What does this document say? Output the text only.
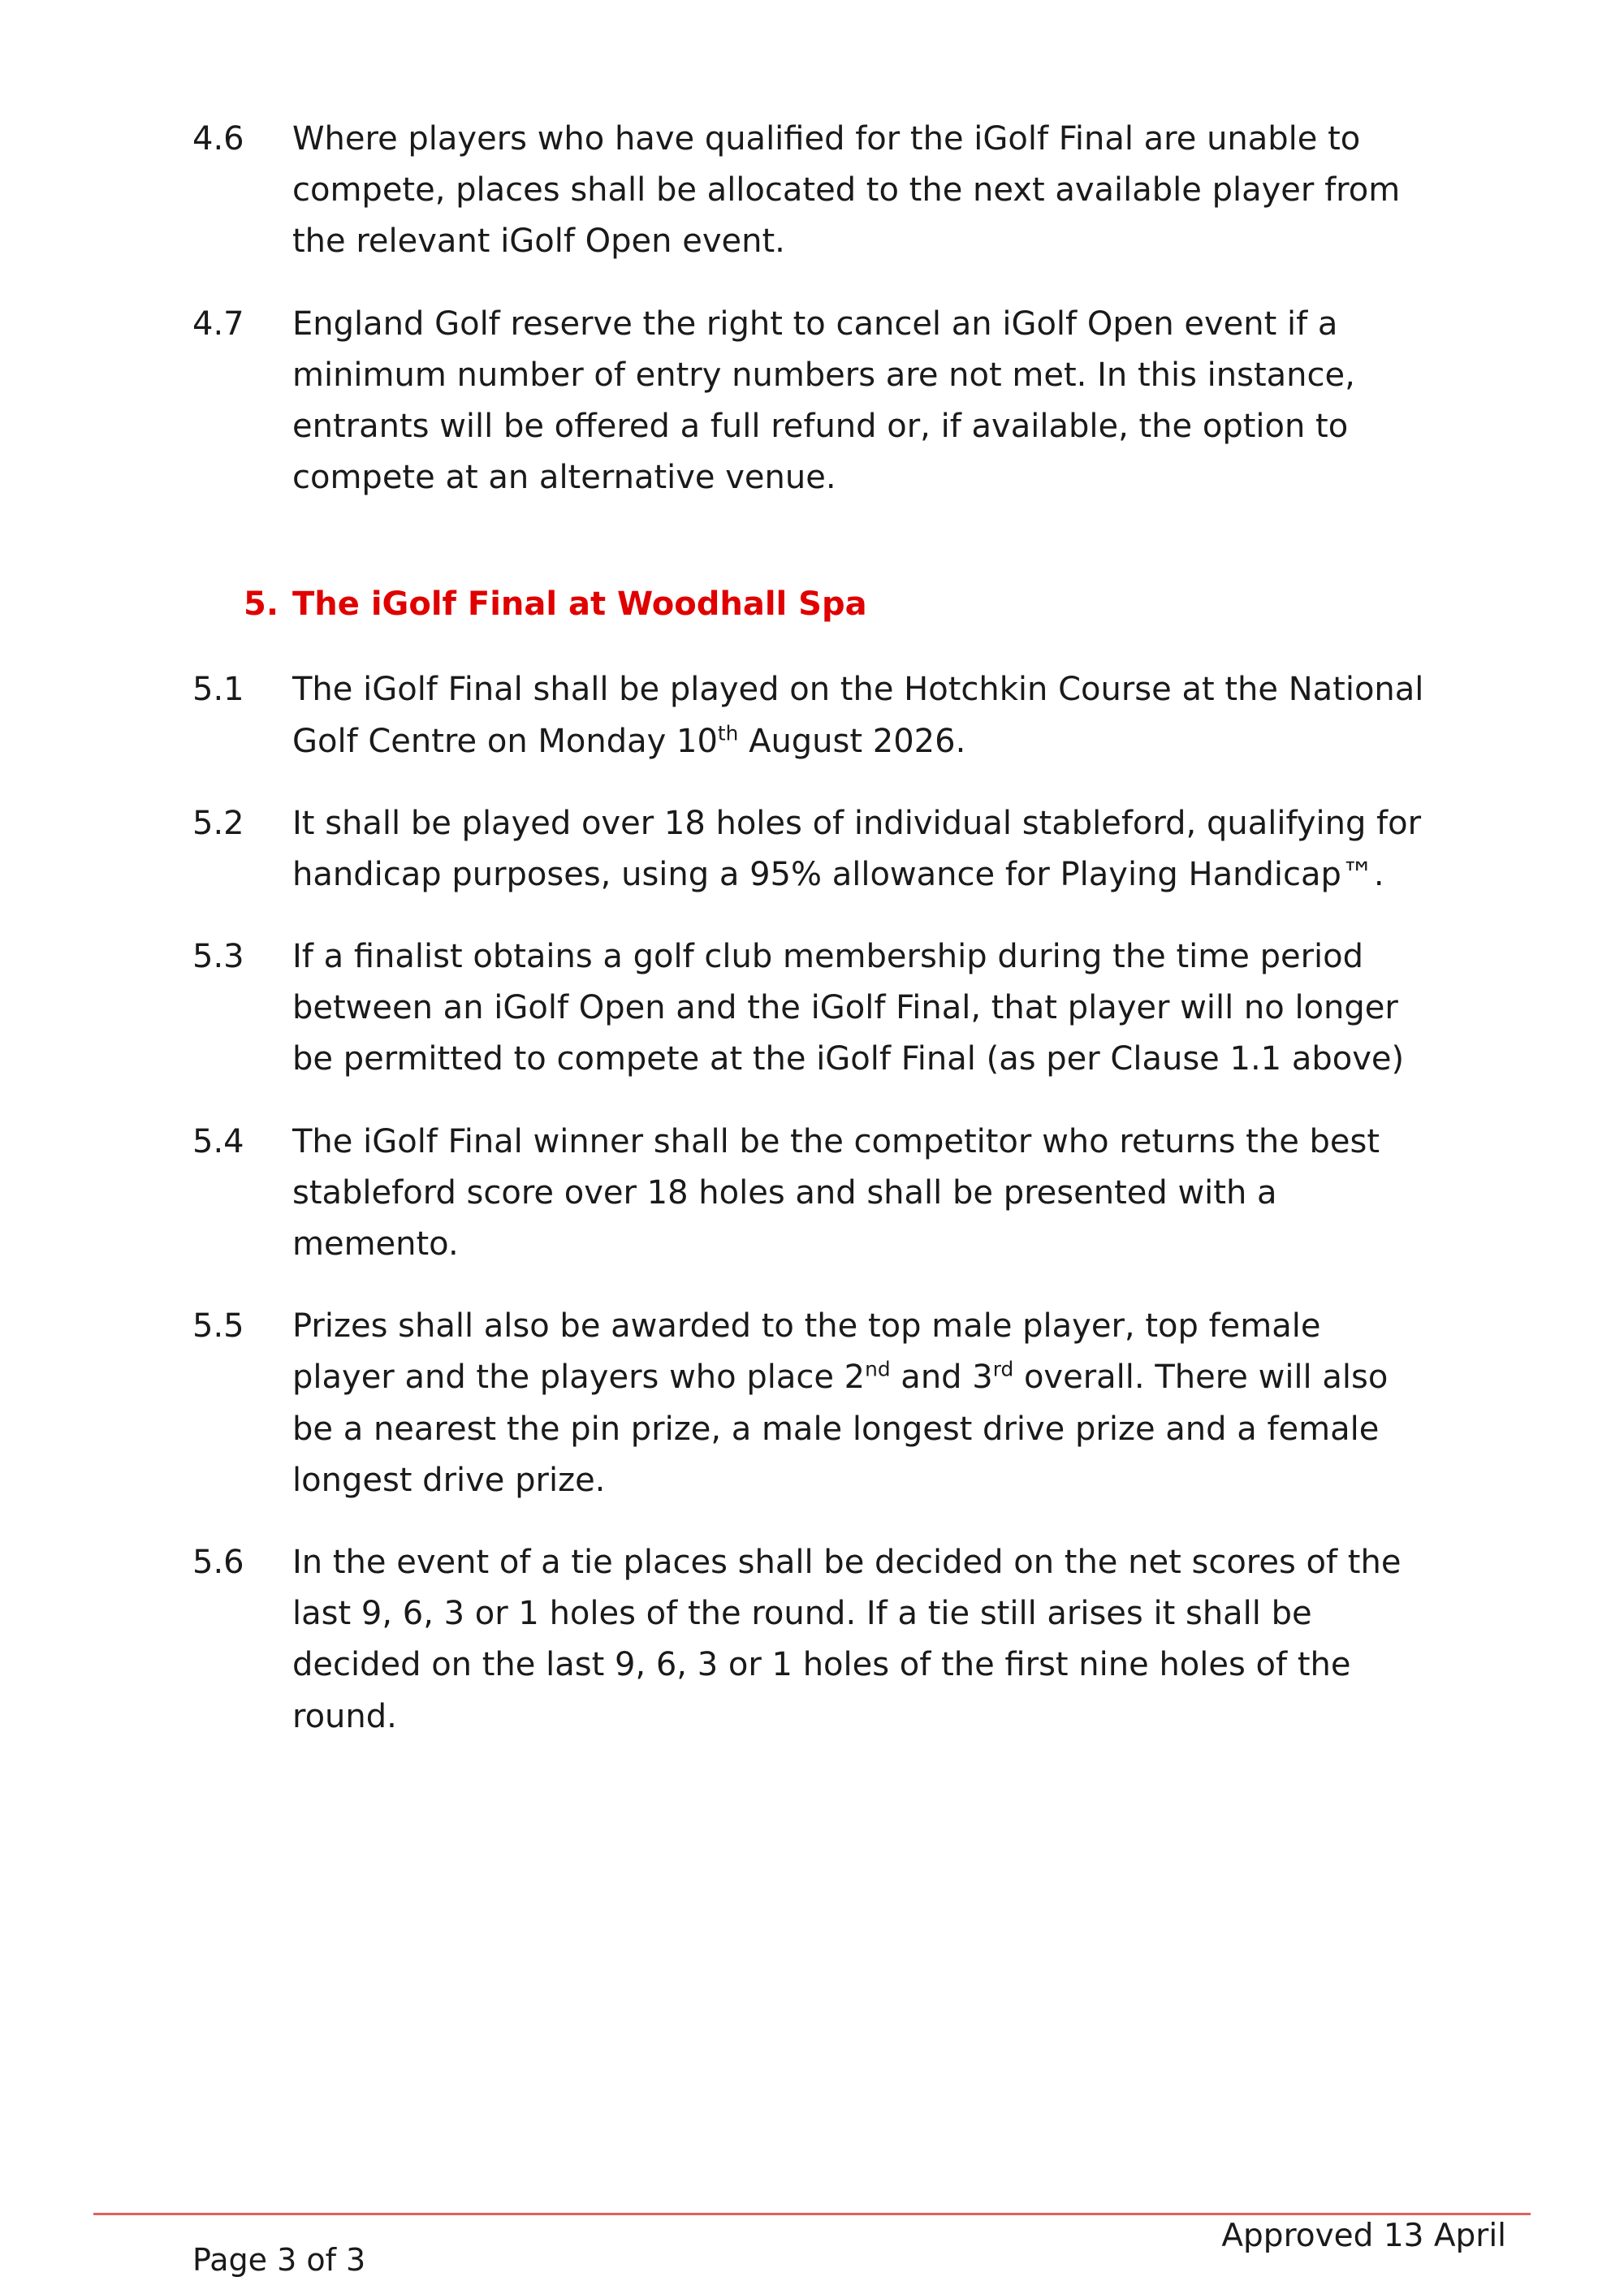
4.6	Where players who have qualified for the iGolf Final are unable to compete, places shall be allocated to the next available player from the relevant iGolf Open event.
4.7	England Golf reserve the right to cancel an iGolf Open event if a minimum number of entry numbers are not met. In this instance, entrants will be offered a full refund or, if available, the option to compete at an alternative venue.
5. The iGolf Final at Woodhall Spa
5.1	The iGolf Final shall be played on the Hotchkin Course at the National Golf Centre on Monday 10th August 2026.
5.2	It shall be played over 18 holes of individual stableford, qualifying for handicap purposes, using a 95% allowance for Playing Handicap™.
5.3	If a finalist obtains a golf club membership during the time period between an iGolf Open and the iGolf Final, that player will no longer be permitted to compete at the iGolf Final (as per Clause 1.1 above)
5.4	The iGolf Final winner shall be the competitor who returns the best stableford score over 18 holes and shall be presented with a memento.
5.5	Prizes shall also be awarded to the top male player, top female player and the players who place 2nd and 3rd overall. There will also be a nearest the pin prize, a male longest drive prize and a female longest drive prize.
5.6	In the event of a tie places shall be decided on the net scores of the last 9, 6, 3 or 1 holes of the round. If a tie still arises it shall be decided on the last 9, 6, 3 or 1 holes of the first nine holes of the round.
Approved 13 April
Page 3 of 3
